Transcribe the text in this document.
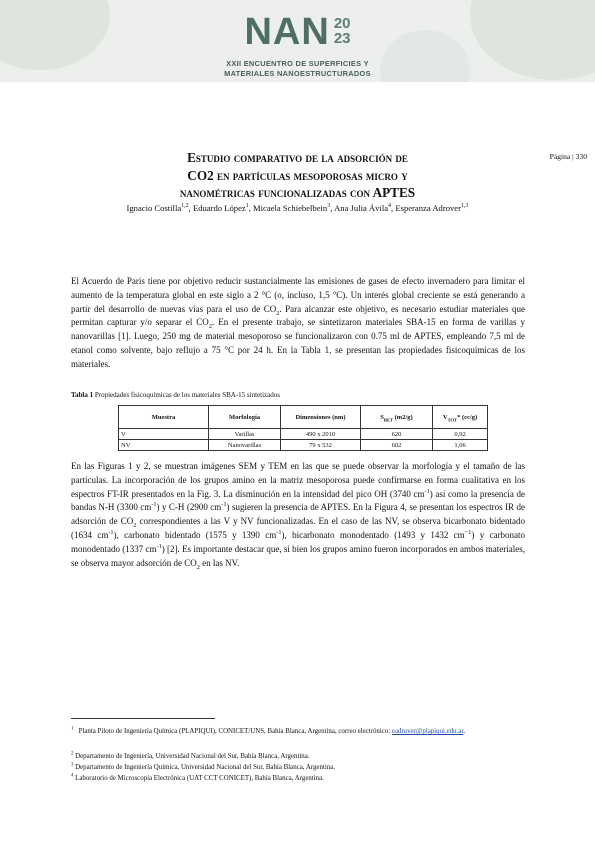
NAN 20
23
XXII ENCUENTRO DE SUPERFICIES Y
MATERIALES NANOESTRUCTURADOS
Página | 330
Estudio comparativo de la adsorción de
CO2 en partículas mesoporosas micro y
nanométricas funcionalizadas con APTES
Ignacio Costilla$^{1,2}$, Eduardo López$^1$, Micaela Schiebelbein$^3$, Ana Julia Ávila$^4$, Esperanza Adrover$^{1,3}$

El Acuerdo de París tiene por objetivo reducir sustancialmente las emisiones de gases de efecto invernadero para limitar el aumento de la temperatura global en este siglo a 2 °C (o, incluso, 1,5 °C). Un interés global creciente se está generando a partir del desarrollo de nuevas vías para el uso de $CO_2$. Para alcanzar este objetivo, es necesario estudiar materiales que permitan capturar y/o separar el $CO_2$. En el presente trabajo, se sintetizaron materiales SBA-15 en forma de varillas y nanovarillas [1]. Luego, 250 mg de material mesoporoso se funcionalizaron con 0.75 ml de APTES, empleando 7,5 ml de etanol como solvente, bajo reflujo a 75 °C por 24 h. En la Tabla 1, se presentan las propiedades fisicoquímicas de los materiales.

Tabla 1 Propiedades fisicoquímicas de los materiales SBA-15 sintetizados
Muestra	Morfología	Dimensiones (nm)	$S_{BET}$ (m2/g)	$V_{TOT}*$ (cc/g)
V	Varillas	490 x 2010	620	0,92
NV	Nanovarillas	79 x 532	602	1,06

En las Figuras 1 y 2, se muestran imágenes SEM y TEM en las que se puede observar la morfología y el tamaño de las partículas. La incorporación de los grupos amino en la matriz mesoporosa puede confirmarse en forma cualitativa en los espectros FT-IR presentados en la Fig. 3. La disminución en la intensidad del pico OH (3740 $cm^{-1}$) así como la presencia de bandas N-H (3300 $cm^{-1}$) y C-H (2900 $cm^{-1}$) sugieren la presencia de APTES. En la Figura 4, se presentan los espectros IR de adsorción de $CO_2$ correspondientes a las V y NV funcionalizadas. En el caso de las NV, se observa bicarbonato bidentado (1634 $cm^{-1}$), carbonato bidentado (1575 y 1390 $cm^{-1}$), bicarbonato monodentado (1493 y 1432 $cm^{-1}$) y carbonato monodentado (1337 $cm^{-1}$) [2]. Es importante destacar que, si bien los grupos amino fueron incorporados en ambos materiales, se observa mayor adsorción de $CO_2$ en las NV.

$^1$ Planta Piloto de Ingeniería Química (PLAPIQUI), CONICET/UNS, Bahía Blanca, Argentina, correo electrónico: eadrover@plapiqui.edu.ar.

$^2$ Departamento de Ingeniería, Universidad Nacional del Sur, Bahía Blanca, Argentina.

$^3$ Departamento de Ingeniería Química, Universidad Nacional del Sur, Bahía Blanca, Argentina.

$^4$ Laboratorio de Microscopía Electrónica (UAT CCT CONICET), Bahía Blanca, Argentina.
